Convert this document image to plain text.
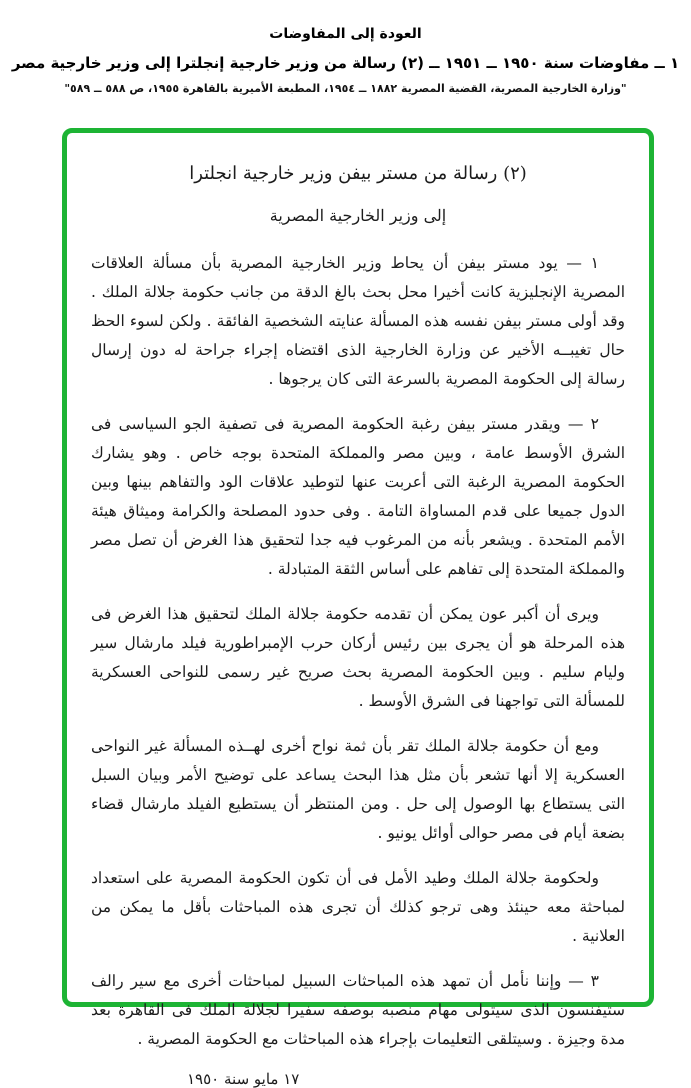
العودة إلى المفاوضات
١ ــ مفاوضات سنة ١٩٥٠ ــ ١٩٥١ ــ (٢) رسالة من وزير خارجية إنجلترا إلى وزير خارجية مصر
"وزارة الخارجية المصرية، القضية المصرية ١٨٨٢ ــ ١٩٥٤، المطبعة الأميرية بالقاهرة ١٩٥٥، ص ٥٨٨ ــ ٥٨٩"
(٢) رسالة من مستر بيفن وزير خارجية انجلترا
إلى وزير الخارجية المصرية

١ — يود مستر بيفن أن يحاط وزير الخارجية المصرية بأن مسألة العلاقات المصرية الإنجليزية كانت أخيرا محل بحث بالغ الدقة من جانب حكومة جلالة الملك . وقد أولى مستر بيفن نفسه هذه المسألة عنايته الشخصية الفائقة . ولكن لسوء الحظ حال تغيبــه الأخير عن وزارة الخارجية الذى اقتضاه إجراء جراحة له دون إرسال رسالة إلى الحكومة المصرية بالسرعة التى كان يرجوها .

٢ — ويقدر مستر بيفن رغبة الحكومة المصرية فى تصفية الجو السياسى فى الشرق الأوسط عامة ، وبين مصر والمملكة المتحدة بوجه خاص . وهو يشارك الحكومة المصرية الرغبة التى أعربت عنها لتوطيد علاقات الود والتفاهم بينها وبين الدول جميعا على قدم المساواة التامة . وفى حدود المصلحة والكرامة وميثاق هيئة الأمم المتحدة . ويشعر بأنه من المرغوب فيه جدا لتحقيق هذا الغرض أن تصل مصر والمملكة المتحدة إلى تفاهم على أساس الثقة المتبادلة .

ويرى أن أكبر عون يمكن أن تقدمه حكومة جلالة الملك لتحقيق هذا الغرض فى هذه المرحلة هو أن يجرى بين رئيس أركان حرب الإمبراطورية فيلد مارشال سير وليام سليم . وبين الحكومة المصرية بحث صريح غير رسمى للنواحى العسكرية للمسألة التى تواجهنا فى الشرق الأوسط .

ومع أن حكومة جلالة الملك تقر بأن ثمة نواح أخرى لهــذه المسألة غير النواحى العسكرية إلا أنها تشعر بأن مثل هذا البحث يساعد على توضيح الأمر وبيان السبل التى يستطاع بها الوصول إلى حل . ومن المنتظر أن يستطيع الفيلد مارشال قضاء بضعة أيام فى مصر حوالى أوائل يونيو .

ولحكومة جلالة الملك وطيد الأمل فى أن تكون الحكومة المصرية على استعداد لمباحثة معه حينئذ وهى ترجو كذلك أن تجرى هذه المباحثات بأقل ما يمكن من العلانية .

٣ — وإننا نأمل أن تمهد هذه المباحثات السبيل لمباحثات أخرى مع سير رالف ستيفنسون الذى سيتولى مهام منصبه بوصفه سفيرا لجلالة الملك فى القاهرة بعد مدة وجيزة . وسيتلقى التعليمات بإجراء هذه المباحثات مع الحكومة المصرية .

١٧ مايو سنة ١٩٥٠
